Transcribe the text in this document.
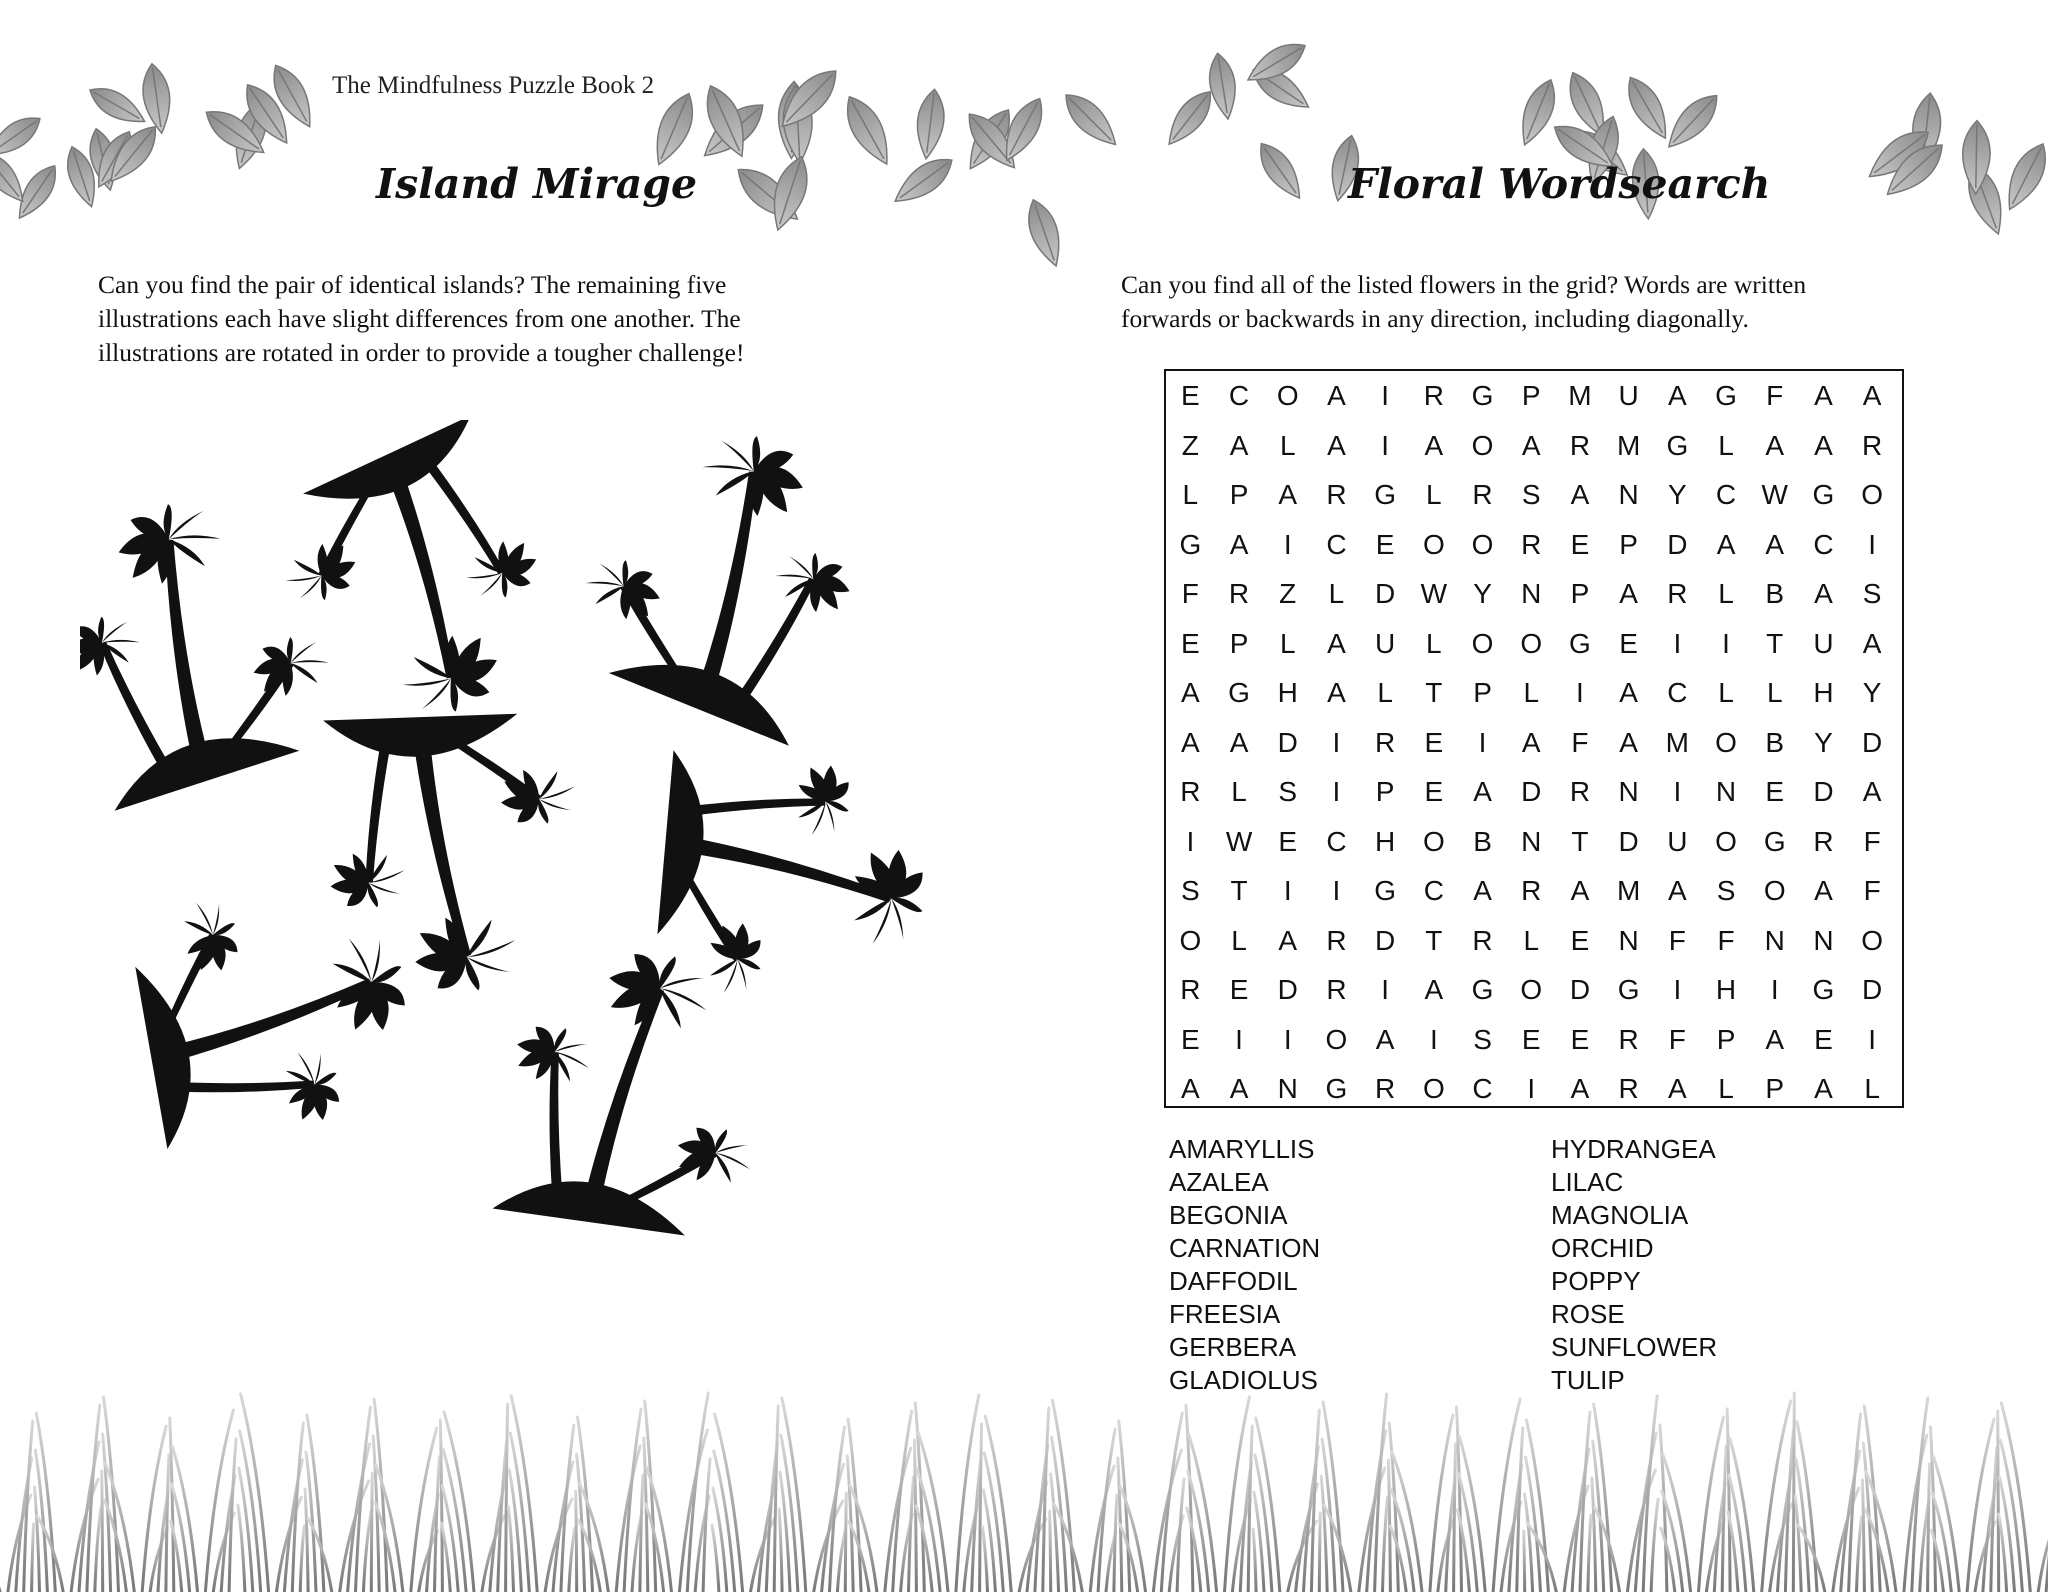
The Mindfulness Puzzle Book 2
Island Mirage
Can you find the pair of identical islands? The remaining five
illustrations each have slight differences from one another. The
illustrations are rotated in order to provide a tougher challenge!
Floral Wordsearch
Can you find all of the listed flowers in the grid? Words are written
forwards or backwards in any direction, including diagonally.
E	C O	A	I	R G	P M U	A	G	F	A	A
Z	A	L	A	I	A	O	A	R M G	L	A	A	R
L	P	A	R G	L	R	S	A	N	Y	C W G O
G	A	I	C	E	O O R	E	P	D	A	A	C	I
F	R	Z	L	D W Y	N	P	A	R	L	B	A	S
E	P	L	A	U	L	O O G	E	I	I	T	U	A
A	G H	A	L	T	P	L	I	A	C	L	L	H	Y
A	A	D	I	R	E	I	A	F	A M O	B	Y	D
R	L	S	I	P	E	A	D	R	N	I	N	E	D	A
I	W E	C	H O	B	N	T	D	U O G R	F
S	T	I	I	G C	A	R	A M A	S	O	A	F
O	L	A	R	D	T	R	L	E	N	F	F	N	N O
R	E	D	R	I	A	G O D G	I	H	I	G D
E	I	I	O	A	I	S	E	E	R	F	P	A	E	I
A	A	N G R O C	I	A	R	A	L	P	A	L
AMARYLLIS
AZALEA
BEGONIA
CARNATION
DAFFODIL
FREESIA
GERBERA
GLADIOLUS
HYDRANGEA
LILAC
MAGNOLIA
ORCHID
POPPY
ROSE
SUNFLOWER
TULIP
